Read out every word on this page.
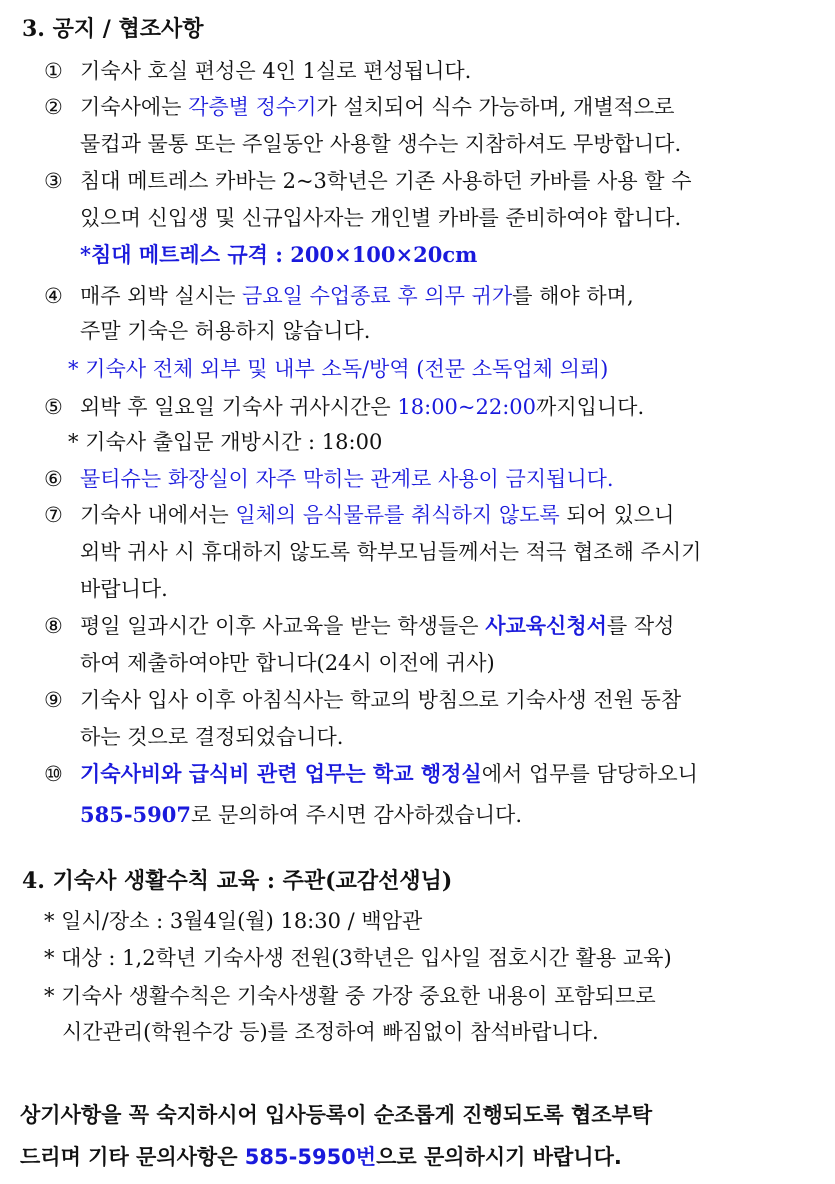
3. 공지 / 협조사항
① 기숙사 호실 편성은 4인 1실로 편성됩니다.
② 기숙사에는 각층별 정수기가 설치되어 식수 가능하며, 개별적으로
물컵과 물통 또는 주일동안 사용할 생수는 지참하셔도 무방합니다.
③ 침대 메트레스 카바는 2~3학년은 기존 사용하던 카바를 사용 할 수
있으며 신입생 및 신규입사자는 개인별 카바를 준비하여야 합니다.
*침대 메트레스 규격 : 200×100×20cm
④ 매주 외박 실시는 금요일 수업종료 후 의무 귀가를 해야 하며,
주말 기숙은 허용하지 않습니다.
* 기숙사 전체 외부 및 내부 소독/방역 (전문 소독업체 의뢰)
⑤ 외박 후 일요일 기숙사 귀사시간은 18:00~22:00까지입니다.
* 기숙사 출입문 개방시간 : 18:00
⑥ 물티슈는 화장실이 자주 막히는 관계로 사용이 금지됩니다.
⑦ 기숙사 내에서는 일체의 음식물류를 취식하지 않도록 되어 있으니
외박 귀사 시 휴대하지 않도록 학부모님들께서는 적극 협조해 주시기
바랍니다.
⑧ 평일 일과시간 이후 사교육을 받는 학생들은 사교육신청서를 작성
하여 제출하여야만 합니다(24시 이전에 귀사)
⑨ 기숙사 입사 이후 아침식사는 학교의 방침으로 기숙사생 전원 동참
하는 것으로 결정되었습니다.
⑩ 기숙사비와 급식비 관련 업무는 학교 행정실에서 업무를 담당하오니
585-5907로 문의하여 주시면 감사하겠습니다.
4. 기숙사 생활수칙 교육 : 주관(교감선생님)
* 일시/장소 : 3월4일(월) 18:30 / 백암관
* 대상 : 1,2학년 기숙사생 전원(3학년은 입사일 점호시간 활용 교육)
* 기숙사 생활수칙은 기숙사생활 중 가장 중요한 내용이 포함되므로
시간관리(학원수강 등)를 조정하여 빠짐없이 참석바랍니다.
상기사항을 꼭 숙지하시어 입사등록이 순조롭게 진행되도록 협조부탁
드리며 기타 문의사항은 585-5950번으로 문의하시기 바랍니다.
